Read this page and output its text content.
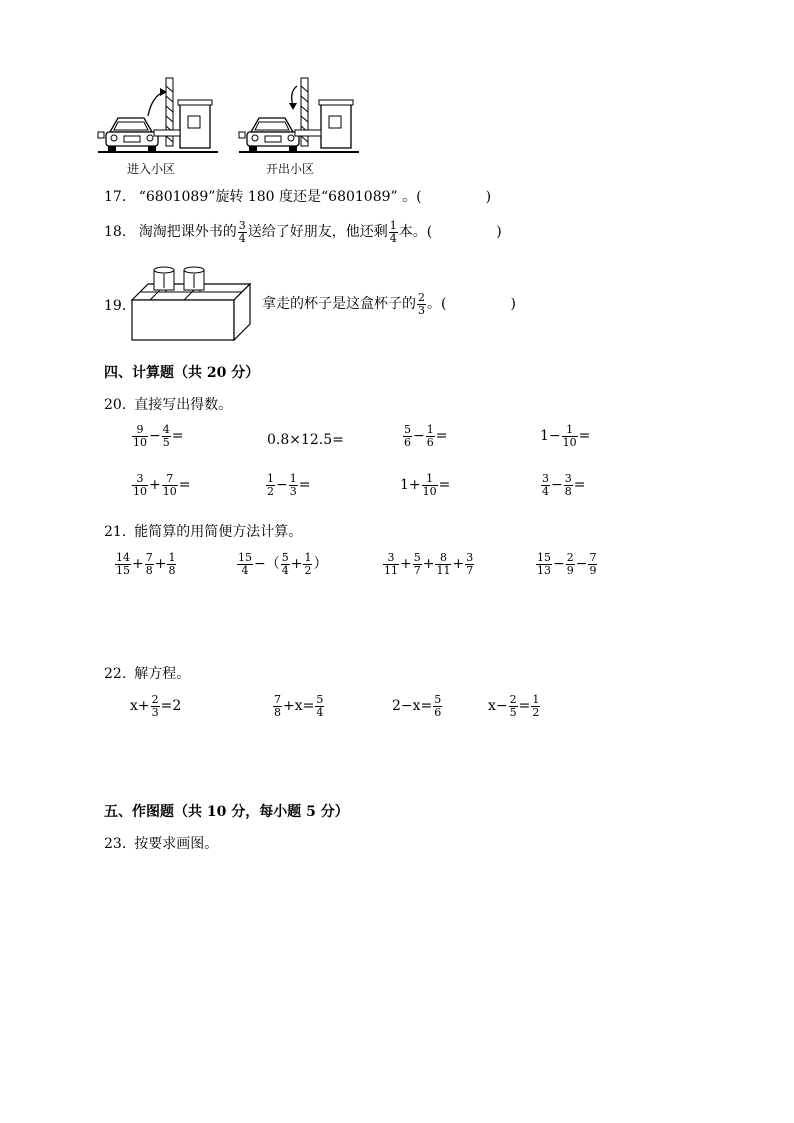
进入小区	开出小区
17. “6801089”旋转 180 度还是“6801089” 。(	)
18. 淘淘把课外书的 $\frac{3}{4}$ 送给了好朋友，他还剩 $\frac{1}{4}$ 本。(	)
19.	拿走的杯子是这盒杯子的 $\frac{2}{3}$ 。(	)
四、计算题（共 20 分）
20. 直接写出得数。
$\frac{9}{10} - \frac{4}{5}$ =	0.8×12.5=	$\frac{5}{6} - \frac{1}{6}$ =	$1- \frac{1}{10}$ =
$\frac{3}{10} + \frac{7}{10}$ =	$\frac{1}{2} - \frac{1}{3}$ =	$1+ \frac{1}{10}$ =	$\frac{3}{4} - \frac{3}{8}$ =
21. 能简算的用简便方法计算。
$\frac{14}{15} + \frac{7}{8} + \frac{1}{8}$	$\frac{15}{4}$ −（ $\frac{5}{4} + \frac{1}{2}$ ）	$\frac{3}{11} + \frac{5}{7} + \frac{8}{11} + \frac{3}{7}$	$\frac{15}{13} - \frac{2}{9} - \frac{7}{9}$
22. 解方程。
$x+ \frac{2}{3} =2$	$\frac{7}{8} +x= \frac{5}{4}$	$2-x= \frac{5}{6}$	$x- \frac{2}{5} = \frac{1}{2}$
五、作图题（共 10 分，每小题 5 分）
23. 按要求画图。
